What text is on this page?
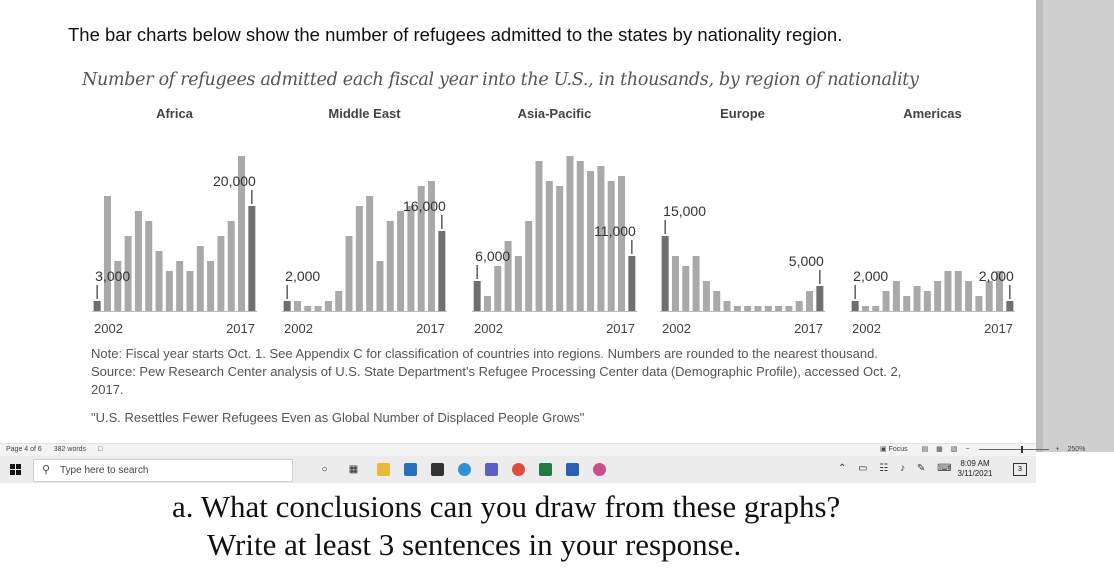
The bar charts below show the number of refugees admitted to the states by nationality region.
Number of refugees admitted each fiscal year into the U.S., in thousands, by region of nationality
Africa
2002	2017
3,000
20,000
Middle East
2002	2017
2,000
16,000
Asia-Pacific
2002	2017
6,000
11,000
Europe
2002	2017
15,000
5,000
Americas
2002	2017
2,000	2,000
Note: Fiscal year starts Oct. 1. See Appendix C for classification of countries into regions. Numbers are rounded to the nearest thousand.
Source: Pew Research Center analysis of U.S. State Department's Refugee Processing Center data (Demographic Profile), accessed Oct. 2,
2017.
"U.S. Resettles Fewer Refugees Even as Global Number of Displaced People Grows"
Page 4 of 6 382 words □	▣ Focus ▤ ▦ ▧ −	+ 250%
⚲ Type here to search	○	▦	⌃ ▭ ☷ ♪ ✎ ⌨	8:09 AM
3/11/2021	3
a. What conclusions can you draw from these graphs?
Write at least 3 sentences in your response.
